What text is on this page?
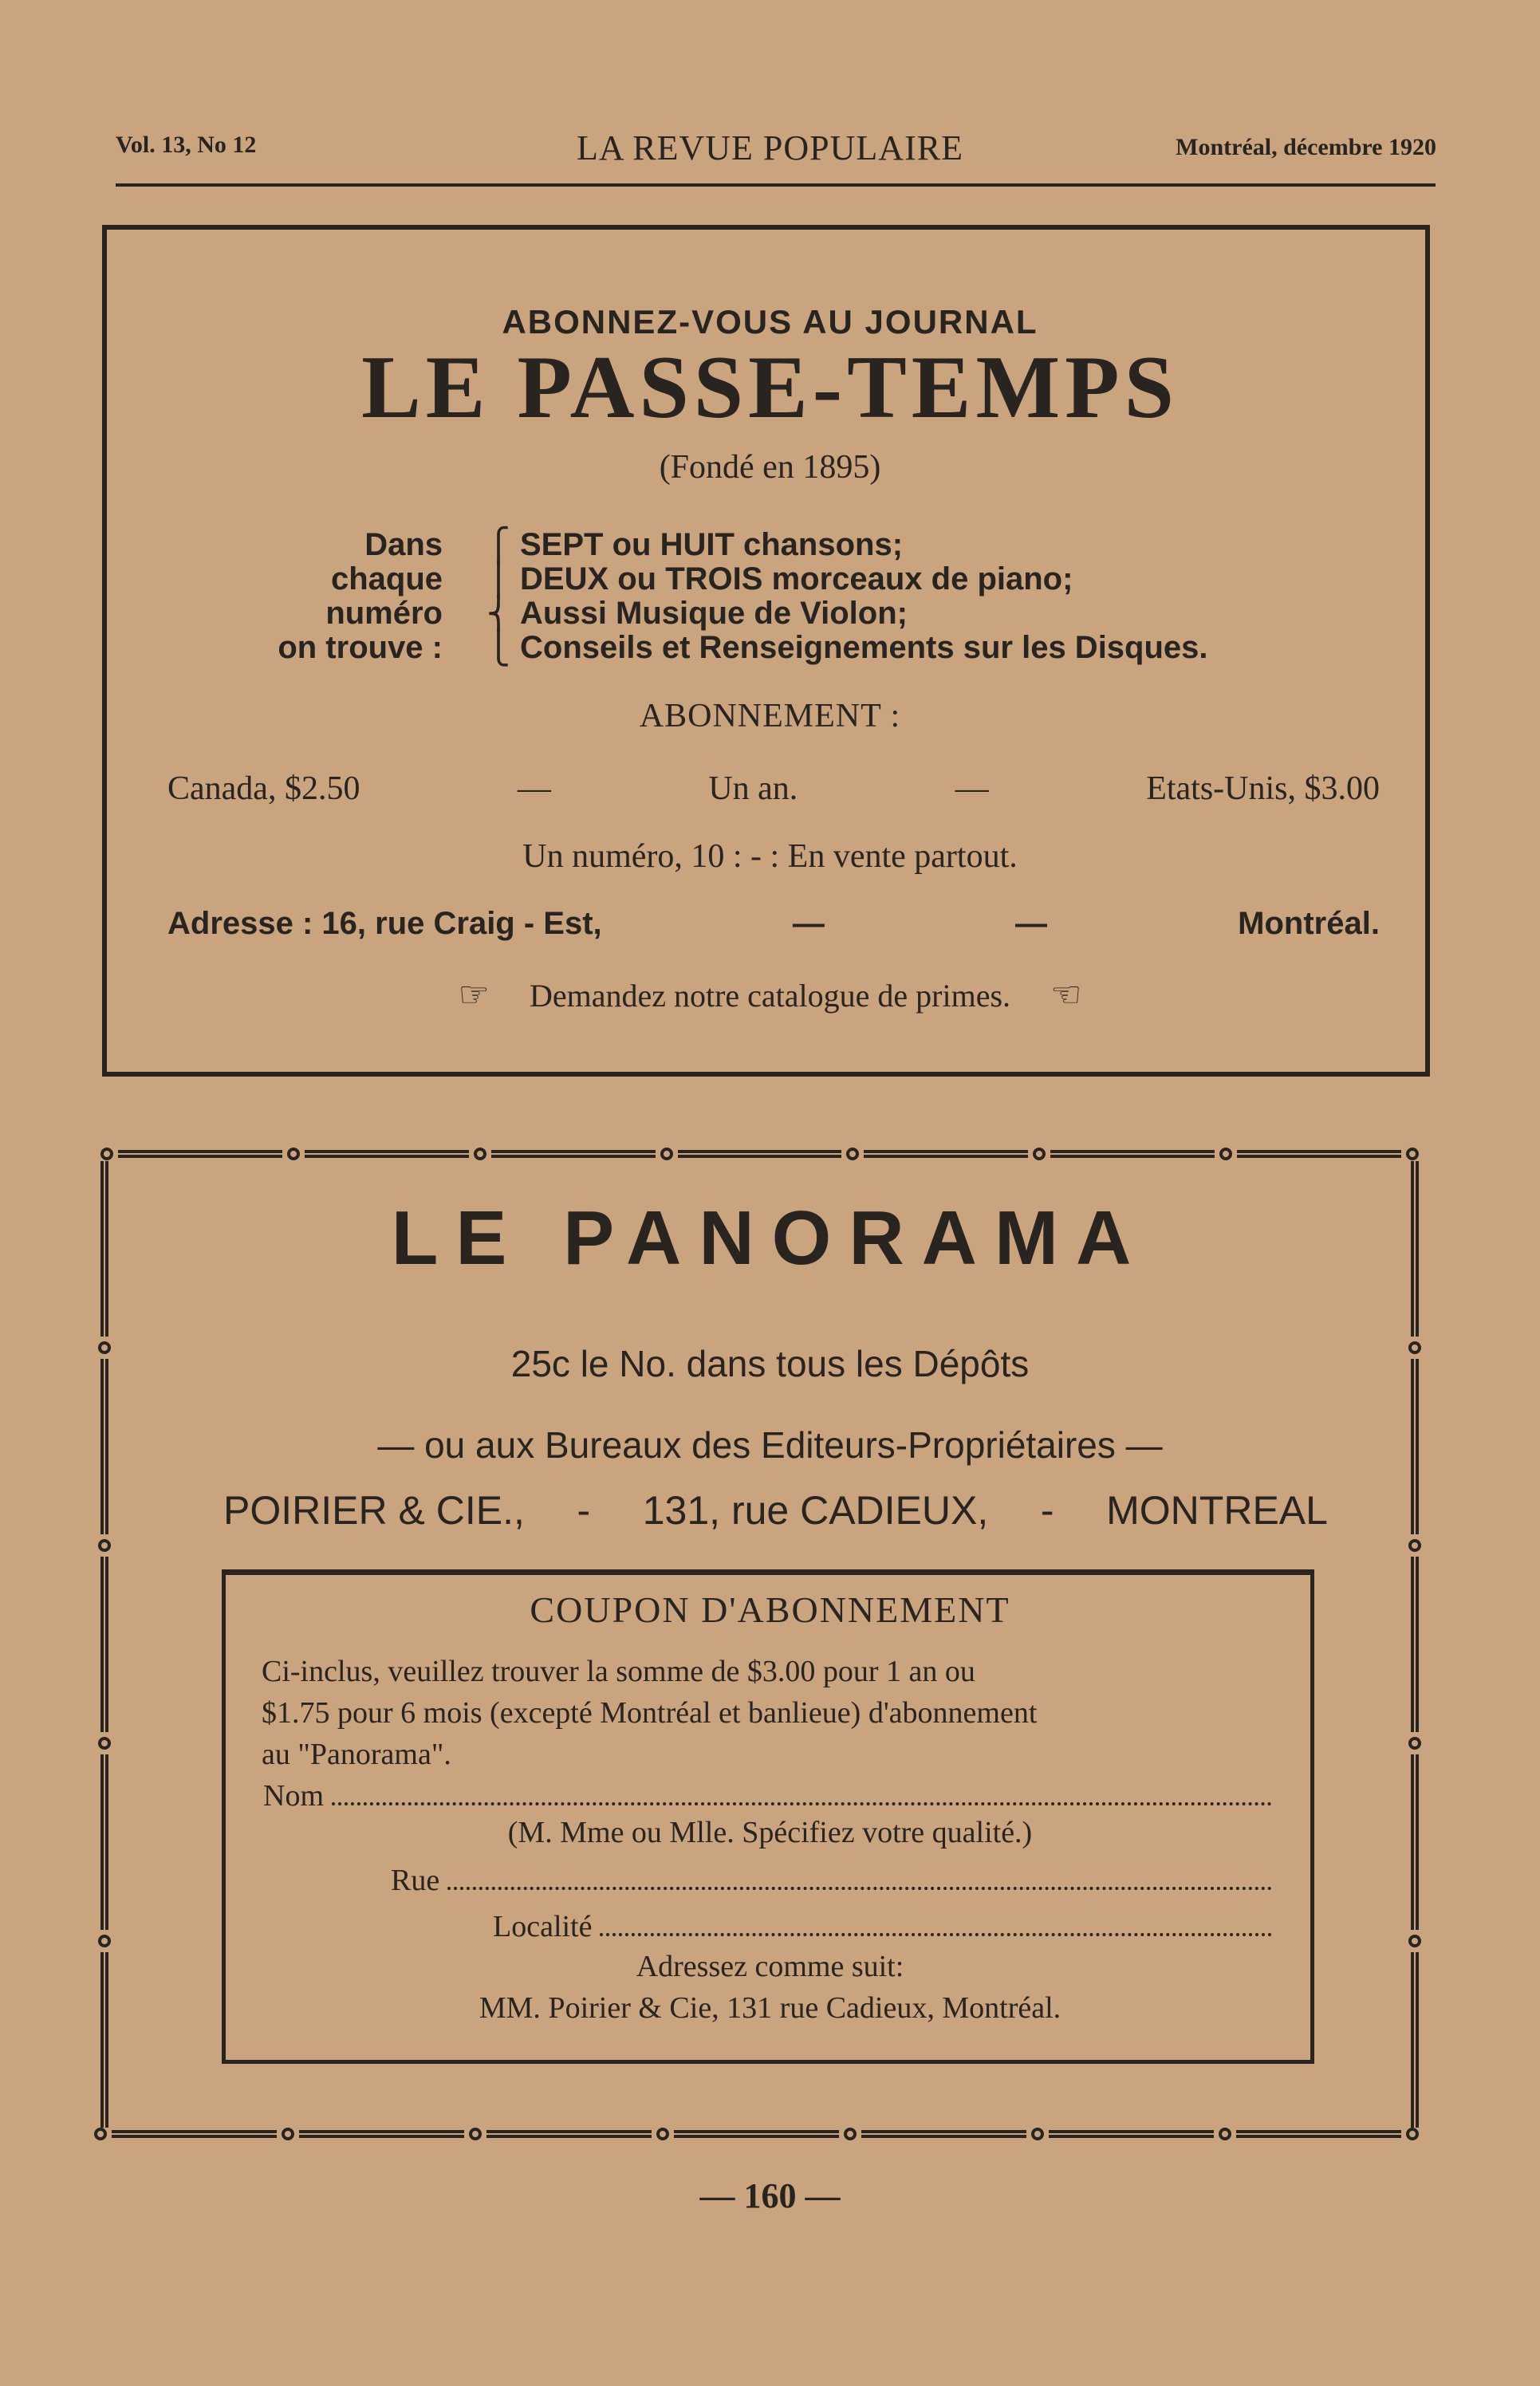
Vol. 13, No 12	LA REVUE POPULAIRE	Montréal, décembre 1920
ABONNEZ-VOUS AU JOURNAL
LE PASSE-TEMPS
(Fondé en 1895)
Dans
chaque
numéro
on trouve :
⎧
⎪
⎨
⎩
SEPT ou HUIT chansons;
DEUX ou TROIS morceaux de piano;
Aussi Musique de Violon;
Conseils et Renseignements sur les Disques.
ABONNEMENT :
Canada, $2.50	—	Un an.	—	Etats-Unis, $3.00
Un numéro, 10 : - : En vente partout.
Adresse : 16, rue Craig - Est,	—	—	Montréal.
☞ Demandez notre catalogue de primes. ☜
LE PANORAMA
25c le No. dans tous les Dépôts
— ou aux Bureaux des Editeurs-Propriétaires —
POIRIER & CIE., - 131, rue CADIEUX, - MONTREAL
COUPON D'ABONNEMENT
Ci-inclus, veuillez trouver la somme de $3.00 pour 1 an ou
$1.75 pour 6 mois (excepté Montréal et banlieue) d'abonnement
au "Panorama".
Nom
(M. Mme ou Mlle. Spécifiez votre qualité.)
Rue
Localité
Adressez comme suit:
MM. Poirier & Cie, 131 rue Cadieux, Montréal.
— 160 —
